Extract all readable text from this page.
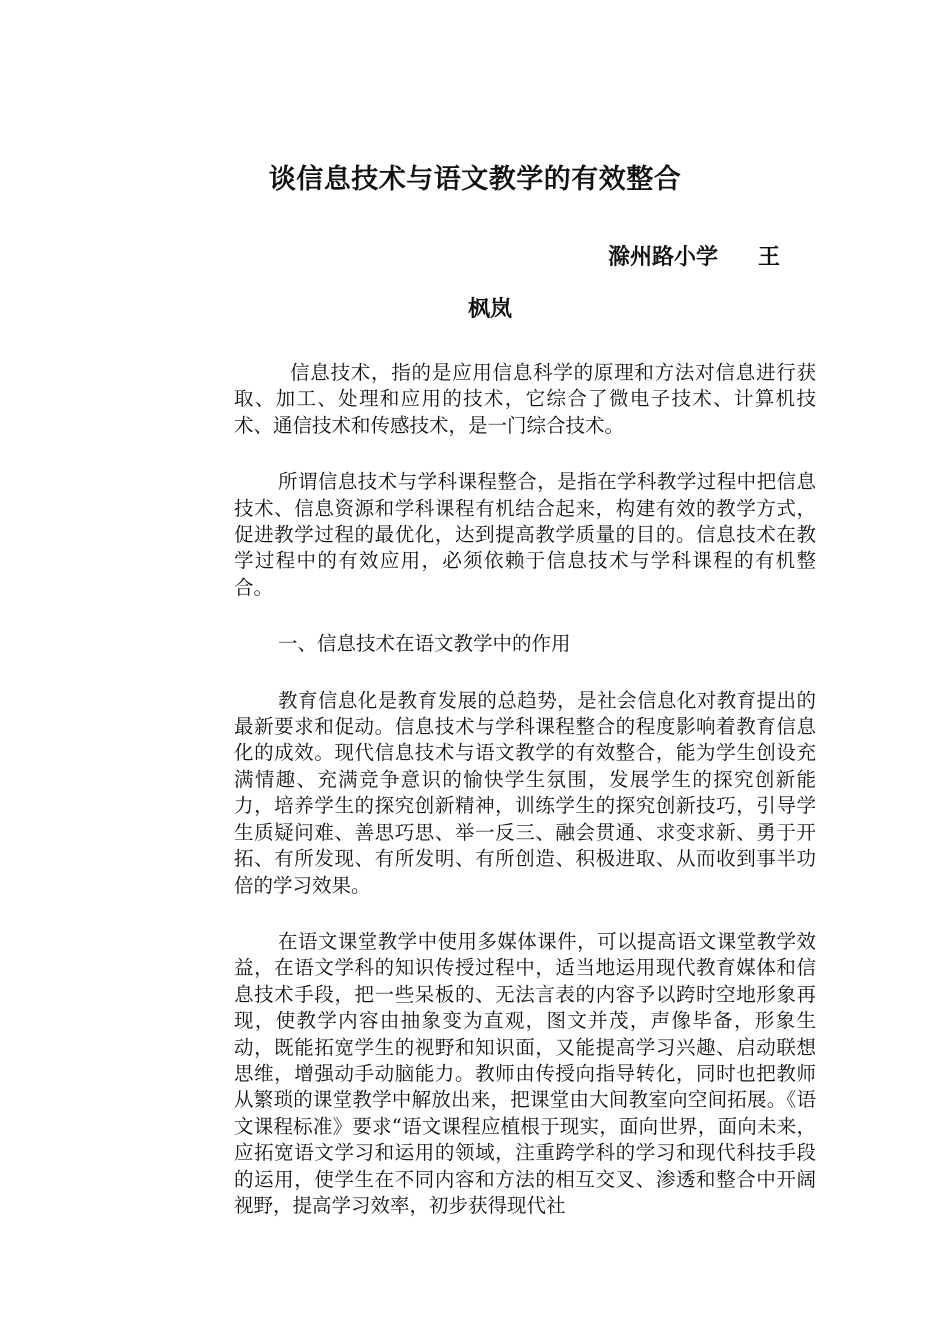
谈信息技术与语文教学的有效整合
滁州路小学 王
枫岚

信息技术，指的是应用信息科学的原理和方法对信息进行获取、加工、处理和应用的技术，它综合了微电子技术、计算机技术、通信技术和传感技术，是一门综合技术。

所谓信息技术与学科课程整合，是指在学科教学过程中把信息技术、信息资源和学科课程有机结合起来，构建有效的教学方式，促进教学过程的最优化，达到提高教学质量的目的。信息技术在教学过程中的有效应用，必须依赖于信息技术与学科课程的有机整合。

一、信息技术在语文教学中的作用

教育信息化是教育发展的总趋势，是社会信息化对教育提出的最新要求和促动。信息技术与学科课程整合的程度影响着教育信息化的成效。现代信息技术与语文教学的有效整合，能为学生创设充满情趣、充满竞争意识的愉快学生氛围，发展学生的探究创新能力，培养学生的探究创新精神，训练学生的探究创新技巧，引导学生质疑问难、善思巧思、举一反三、融会贯通、求变求新、勇于开拓、有所发现、有所发明、有所创造、积极进取、从而收到事半功倍的学习效果。

在语文课堂教学中使用多媒体课件，可以提高语文课堂教学效益，在语文学科的知识传授过程中，适当地运用现代教育媒体和信息技术手段，把一些呆板的、无法言表的内容予以跨时空地形象再现，使教学内容由抽象变为直观，图文并茂，声像毕备，形象生动，既能拓宽学生的视野和知识面，又能提高学习兴趣、启动联想思维，增强动手动脑能力。教师由传授向指导转化，同时也把教师从繁琐的课堂教学中解放出来，把课堂由大间教室向空间拓展。《语文课程标准》要求“语文课程应植根于现实，面向世界，面向未来，应拓宽语文学习和运用的领域，注重跨学科的学习和现代科技手段的运用，使学生在不同内容和方法的相互交叉、渗透和整合中开阔视野，提高学习效率，初步获得现代社
